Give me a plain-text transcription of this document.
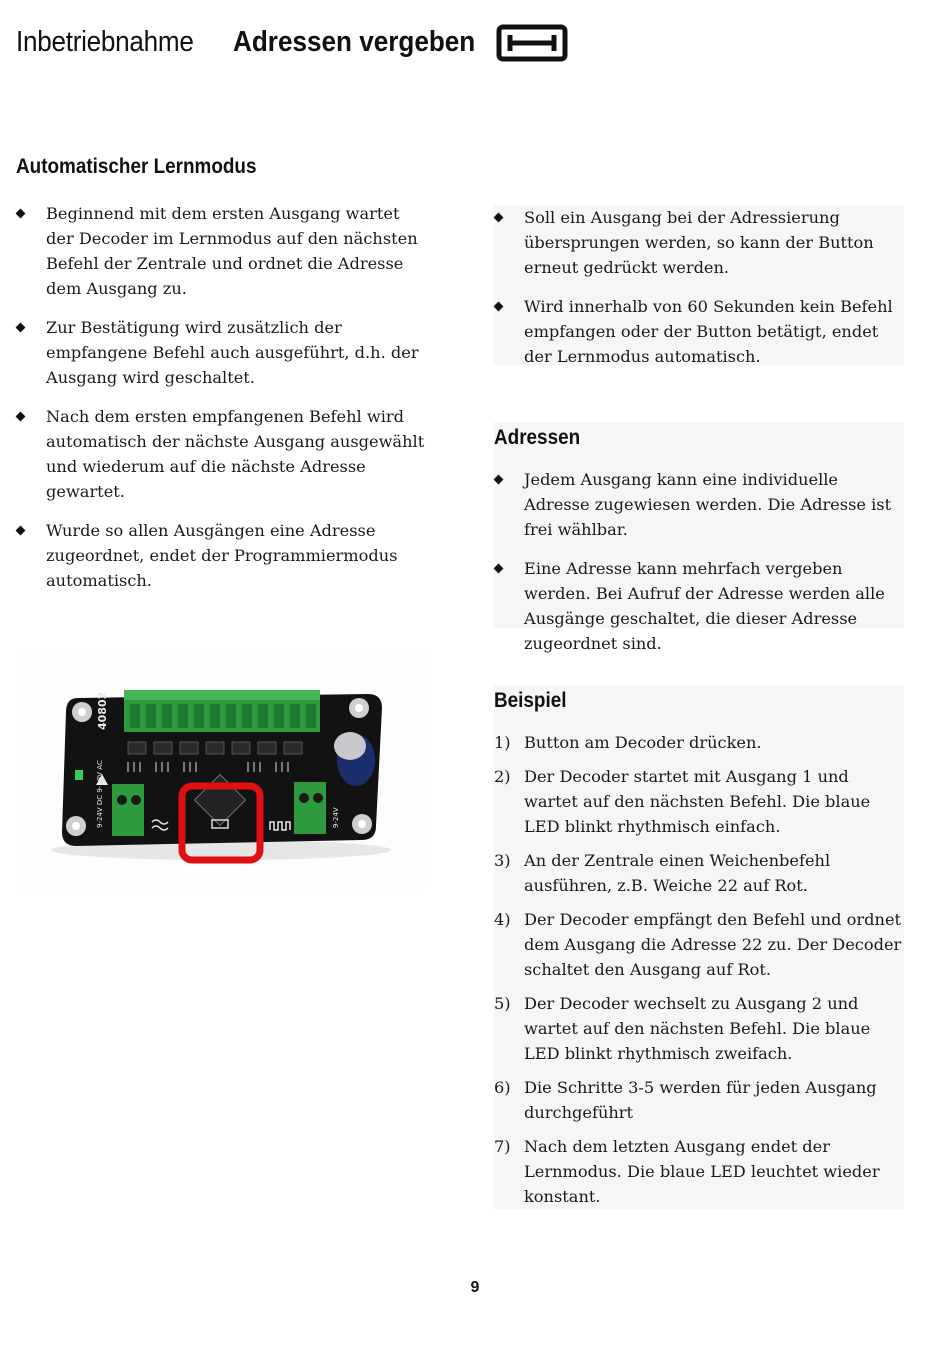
Inbetriebnahme Adressen vergeben
Automatischer Lernmodus
Beginnend mit dem ersten Ausgang wartet der Decoder im Lernmodus auf den nächsten Befehl der Zentrale und ordnet die Adresse dem Ausgang zu.
Zur Bestätigung wird zusätzlich der empfangene Befehl auch ausgeführt, d.h. der Ausgang wird geschaltet.
Nach dem ersten empfangenen Befehl wird automatisch der nächste Ausgang ausgewählt und wiederum auf die nächste Adresse gewartet.
Wurde so allen Ausgängen eine Adresse zugeordnet, endet der Programmiermodus automatisch.
40802
9-24V DC 9-18V AC	9-24V
Soll ein Ausgang bei der Adressierung übersprungen werden, so kann der Button erneut gedrückt werden.
Wird innerhalb von 60 Sekunden kein Befehl empfangen oder der Button betätigt, endet der Lernmodus automatisch.
Adressen
Jedem Ausgang kann eine individuelle Adresse zugewiesen werden. Die Adresse ist frei wählbar.
Eine Adresse kann mehrfach vergeben werden. Bei Aufruf der Adresse werden alle Ausgänge geschaltet, die dieser Adresse zugeordnet sind.
Beispiel
1) Button am Decoder drücken.
2) Der Decoder startet mit Ausgang 1 und wartet auf den nächsten Befehl. Die blaue LED blinkt rhythmisch einfach.
3) An der Zentrale einen Weichenbefehl ausführen, z.B. Weiche 22 auf Rot.
4) Der Decoder empfängt den Befehl und ordnet dem Ausgang die Adresse 22 zu. Der Decoder schaltet den Ausgang auf Rot.
5) Der Decoder wechselt zu Ausgang 2 und wartet auf den nächsten Befehl. Die blaue LED blinkt rhythmisch zweifach.
6) Die Schritte 3-5 werden für jeden Ausgang durchgeführt
7) Nach dem letzten Ausgang endet der Lernmodus. Die blaue LED leuchtet wieder konstant.
9
